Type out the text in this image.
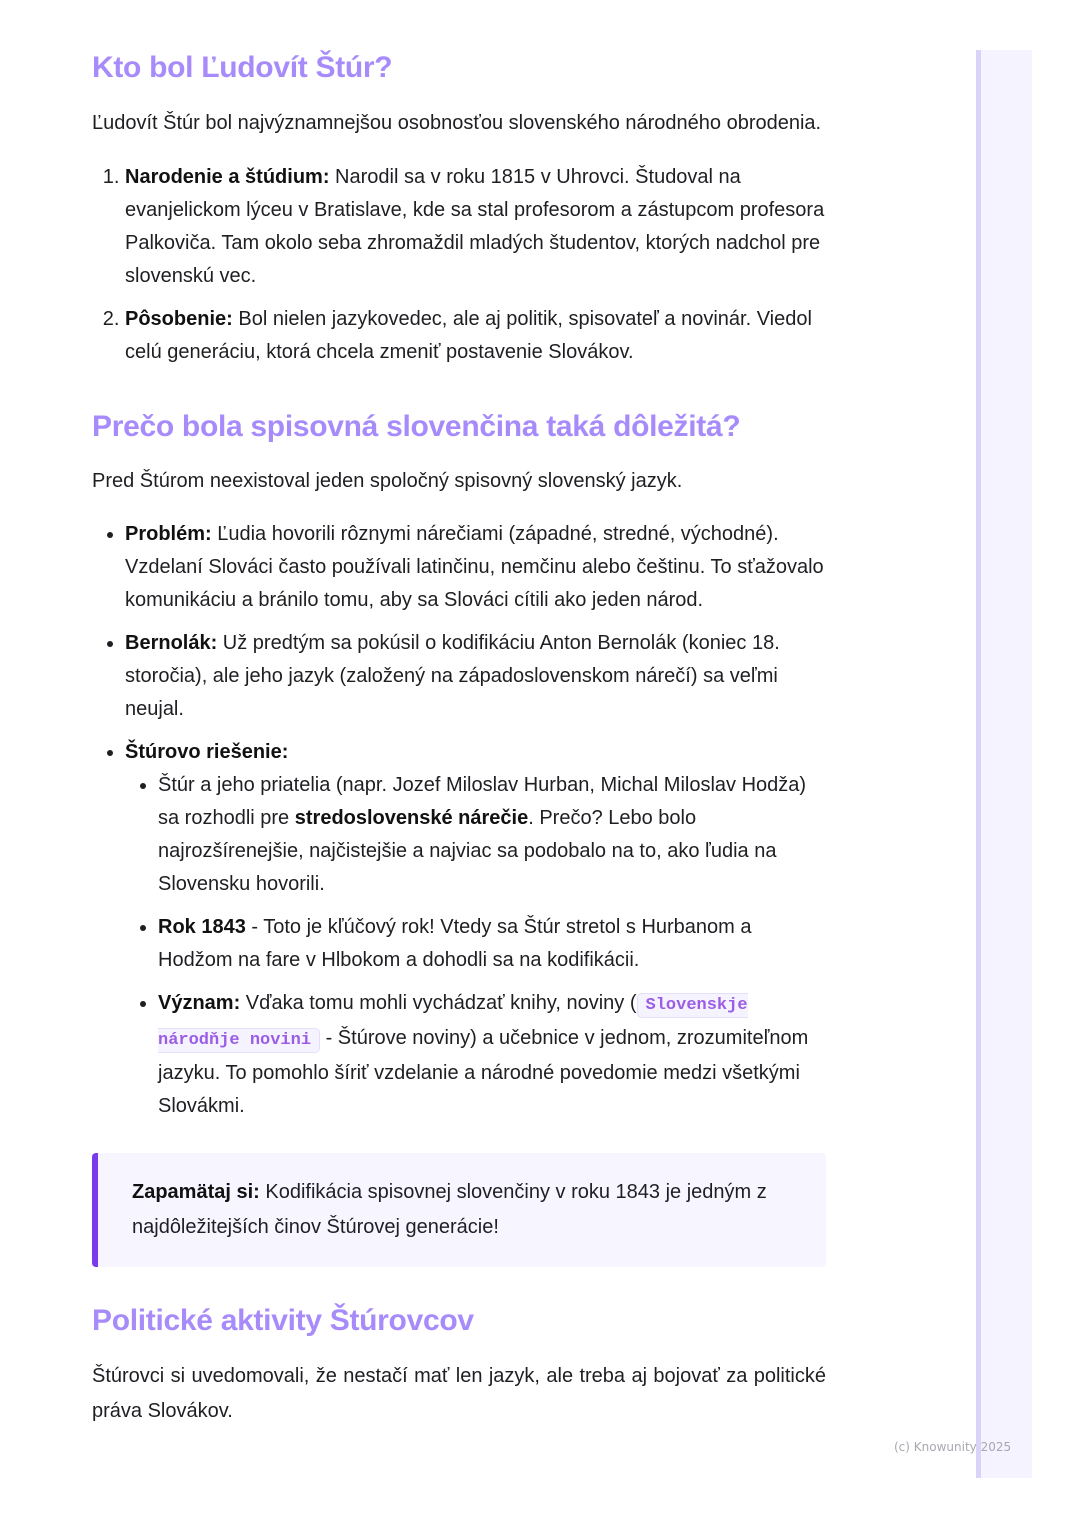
Kto bol Ľudovít Štúr?

Ľudovít Štúr bol najvýznamnejšou osobnosťou slovenského národného obrodenia.

1. Narodenie a štúdium: Narodil sa v roku 1815 v Uhrovci. Študoval na evanjelickom lýceu v Bratislave, kde sa stal profesorom a zástupcom profesora Palkoviča. Tam okolo seba zhromaždil mladých študentov, ktorých nadchol pre slovenskú vec.
2. Pôsobenie: Bol nielen jazykovedec, ale aj politik, spisovateľ a novinár. Viedol celú generáciu, ktorá chcela zmeniť postavenie Slovákov.
Prečo bola spisovná slovenčina taká dôležitá?

Pred Štúrom neexistoval jeden spoločný spisovný slovenský jazyk.

• Problém: Ľudia hovorili rôznymi nárečiami (západné, stredné, východné). Vzdelaní Slováci často používali latinčinu, nemčinu alebo češtinu. To sťažovalo komunikáciu a bránilo tomu, aby sa Slováci cítili ako jeden národ.
• Bernolák: Už predtým sa pokúsil o kodifikáciu Anton Bernolák (koniec 18. storočia), ale jeho jazyk (založený na západoslovenskom nárečí) sa veľmi neujal.
• Štúrovo riešenie:
• Štúr a jeho priatelia (napr. Jozef Miloslav Hurban, Michal Miloslav Hodža) sa rozhodli pre stredoslovenské nárečie. Prečo? Lebo bolo najrozšírenejšie, najčistejšie a najviac sa podobalo na to, ako ľudia na Slovensku hovorili.
• Rok 1843 - Toto je kľúčový rok! Vtedy sa Štúr stretol s Hurbanom a Hodžom na fare v Hlbokom a dohodli sa na kodifikácii.
• Význam: Vďaka tomu mohli vychádzať knihy, noviny ( Slovenskje národňje novini - Štúrove noviny) a učebnice v jednom, zrozumiteľnom jazyku. To pomohlo šíriť vzdelanie a národné povedomie medzi všetkými Slovákmi.
Zapamätaj si: Kodifikácia spisovnej slovenčiny v roku 1843 je jedným z najdôležitejších činov Štúrovej generácie!
Politické aktivity Štúrovcov

Štúrovci si uvedomovali, že nestačí mať len jazyk, ale treba aj bojovať za politické práva Slovákov.

(c) Knowunity 2025
